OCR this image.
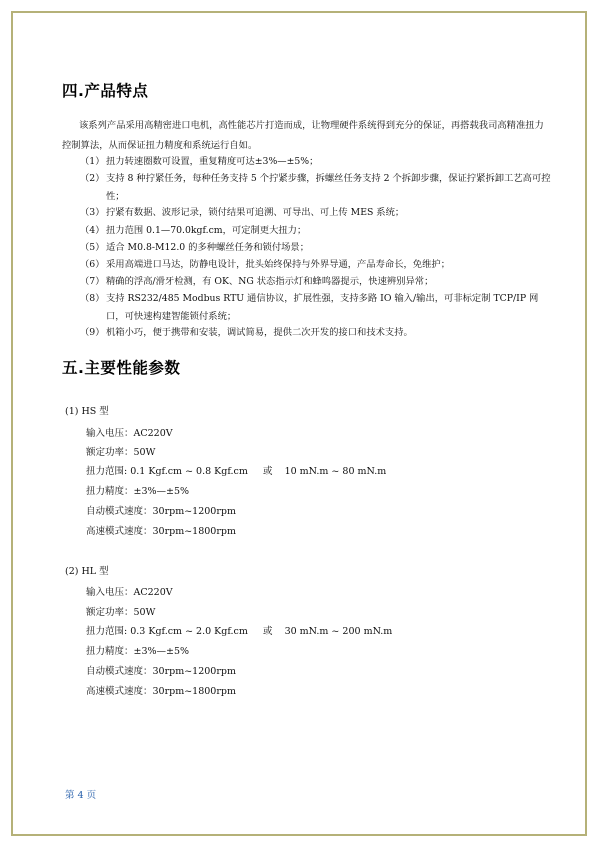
四.产品特点

该系列产品采用高精密进口电机，高性能芯片打造而成，让物理硬件系统得到充分的保证，再搭载我司高精准扭力控制算法，从而保证扭力精度和系统运行自如。

（1） 扭力转速圈数可设置，重复精度可达±3%—±5%；
（2） 支持 8 种拧紧任务，每种任务支持 5 个拧紧步骤，拆螺丝任务支持 2 个拆卸步骤，保证拧紧拆卸工艺高可控性；
（3） 拧紧有数据、波形记录，锁付结果可追溯、可导出、可上传 MES 系统；
（4） 扭力范围 0.1—70.0kgf.cm，可定制更大扭力；
（5） 适合 M0.8-M12.0 的多种螺丝任务和锁付场景；
（6） 采用高端进口马达，防静电设计，批头始终保持与外界导通，产品寿命长，免维护；
（7） 精确的浮高/滑牙检测，有 OK、NG 状态指示灯和蜂鸣器提示，快速辨别异常；
（8） 支持 RS232/485 Modbus RTU 通信协议，扩展性强，支持多路 IO 输入/输出，可非标定制 TCP/IP 网口，可快速构建智能锁付系统；
（9） 机箱小巧，便于携带和安装，调试简易，提供二次开发的接口和技术支持。
五.主要性能参数
(1) HS 型
输入电压：AC220V
额定功率：50W
扭力范围: 0.1 Kgf.cm ~ 0.8 Kgf.cm     或    10 mN.m ~ 80 mN.m
扭力精度：±3%—±5%
自动模式速度：30rpm~1200rpm
高速模式速度：30rpm~1800rpm
(2) HL 型
输入电压：AC220V
额定功率：50W
扭力范围: 0.3 Kgf.cm ~ 2.0 Kgf.cm     或    30 mN.m ~ 200 mN.m
扭力精度：±3%—±5%
自动模式速度：30rpm~1200rpm
高速模式速度：30rpm~1800rpm
第 4 页
